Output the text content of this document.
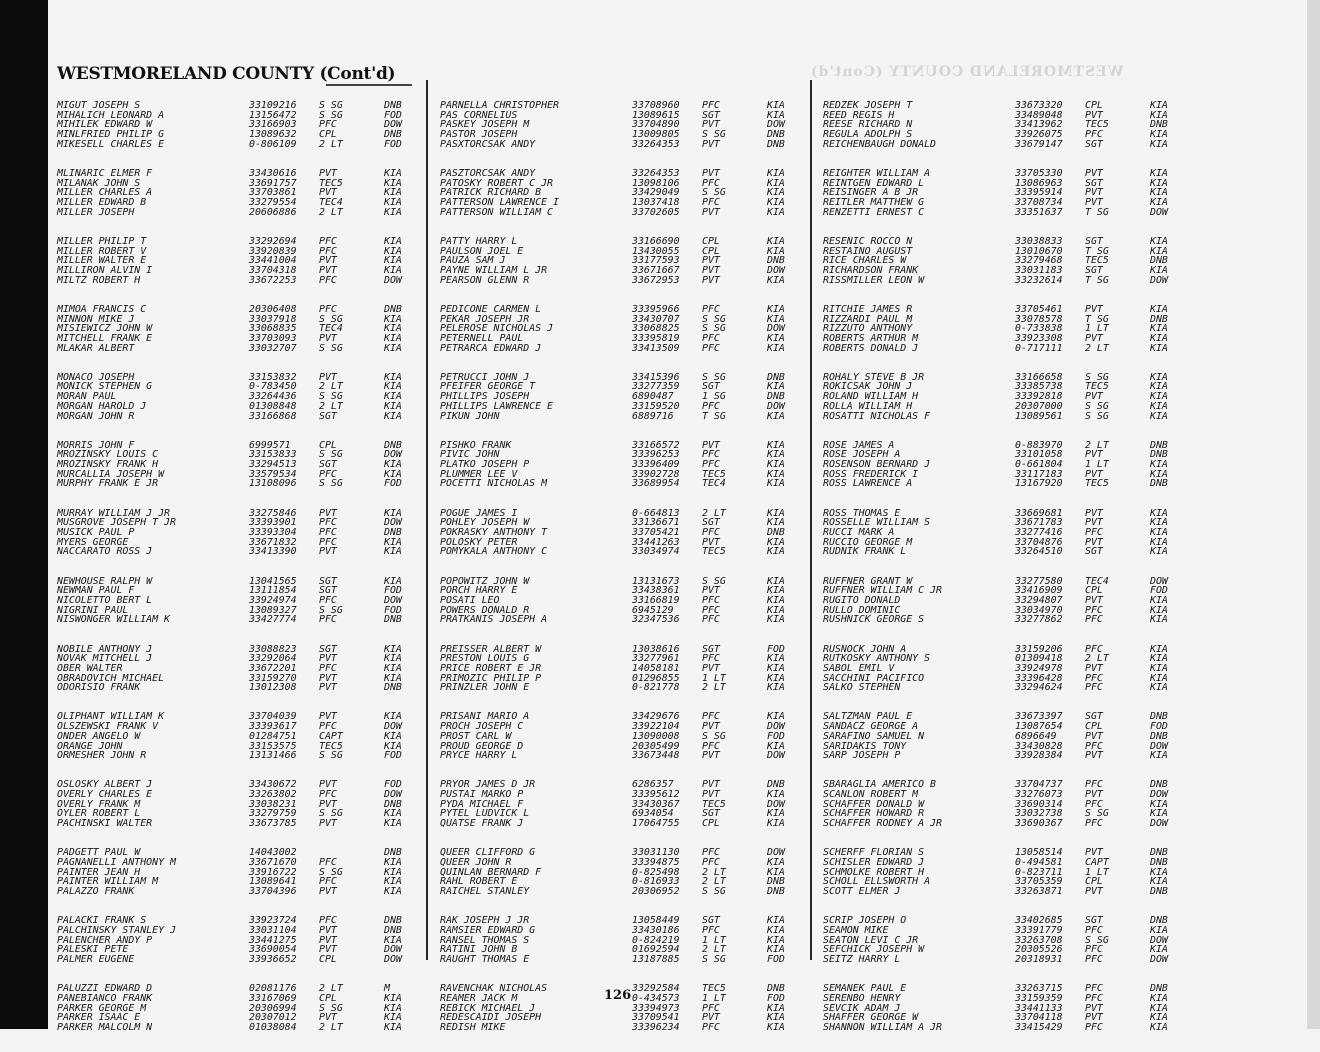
WESTMORELAND COUNTY (Cont'd)
WESTMORELAND COUNTY (Cont'd)
MIGUT JOSEPH S	33109216 S SG	DNB
MIHALICH LEONARD A	13156472 S SG	FOD
MIHILEK EDWARD W	33166903 PFC	DOW
MINLFRIED PHILIP G	13089632 CPL	DNB
MIKESELL CHARLES E	0-806109 2 LT	FOD
MLINARIC ELMER F	33430616 PVT	KIA
MILANAK JOHN S	33691757 TEC5	KIA
MILLER CHARLES A	33703861 PVT	KIA
MILLER EDWARD B	33279554 TEC4	KIA
MILLER JOSEPH	20606886 2 LT	KIA
MILLER PHILIP T	33292694 PFC	KIA
MILLER ROBERT V	33920839 PFC	KIA
MILLER WALTER E	33441004 PVT	KIA
MILLIRON ALVIN I	33704318 PVT	KIA
MILTZ ROBERT H	33672253 PFC	DOW
MIMOA FRANCIS C	20306408 PFC	DNB
MINNON MIKE J	33037918 S SG	KIA
MISIEWICZ JOHN W	33068835 TEC4	KIA
MITCHELL FRANK E	33703093 PVT	KIA
MLAKAR ALBERT	33032707 S SG	KIA
MONACO JOSEPH	33153832 PVT	KIA
MONICK STEPHEN G	0-783450 2 LT	KIA
MORAN PAUL	33264436 S SG	KIA
MORGAN HAROLD J	01308848 2 LT	KIA
MORGAN JOHN R	33166868 SGT	KIA
MORRIS JOHN F	6999571	CPL	DNB
MROZINSKY LOUIS C	33153833 S SG	DOW
MROZINSKY FRANK H	33294513 SGT	KIA
MURCALLIA JOSEPH W	33579534 PFC	KIA
MURPHY FRANK E JR	13108096 S SG	FOD
MURRAY WILLIAM J JR	33275846 PVT	KIA
MUSGROVE JOSEPH T JR	33393901 PFC	DOW
MUSICK PAUL P	33393304 PFC	DNB
MYERS GEORGE	33671832 PFC	KIA
NACCARATO ROSS J	33413390 PVT	KIA
NEWHOUSE RALPH W	13041565 SGT	KIA
NEWMAN PAUL F	13111854 SGT	FOD
NICOLETTO BERT L	33924974 PFC	DOW
NIGRINI PAUL	13089327 S SG	FOD
NISWONGER WILLIAM K	33427774 PFC	DNB
NOBILE ANTHONY J	33088823 SGT	KIA
NOVAK MITCHELL J	33292064 PVT	KIA
OBER WALTER	33672201 PFC	KIA
OBRADOVICH MICHAEL	33159270 PVT	KIA
ODORISIO FRANK	13012308 PVT	DNB
OLIPHANT WILLIAM K	33704039 PVT	KIA
OLSZEWSKI FRANK V	33393617 PFC	DOW
ONDER ANGELO W	01284751 CAPT	KIA
ORANGE JOHN	33153575 TEC5	KIA
ORMESHER JOHN R	13131466 S SG	FOD
OSLOSKY ALBERT J	33430672 PVT	FOD
OVERLY CHARLES E	33263802 PFC	DOW
OVERLY FRANK M	33038231 PVT	DNB
OYLER ROBERT L	33279759 S SG	KIA
PACHINSKI WALTER	33673785 PVT	KIA
PADGETT PAUL W	14043002	DNB
PAGNANELLI ANTHONY M	33671670 PFC	KIA
PAINTER JEAN H	33916722 S SG	KIA
PAINTER WILLIAM M	13089641 PFC	KIA
PALAZZO FRANK	33704396 PVT	KIA
PALACKI FRANK S	33923724 PFC	DNB
PALCHINSKY STANLEY J	33031104 PVT	DNB
PALENCHER ANDY P	33441275 PVT	KIA
PALESKI PETE	33690054 PVT	DOW
PALMER EUGENE	33936652 CPL	DOW
PALUZZI EDWARD D	02081176 2 LT	M
PANEBIANCO FRANK	33167069 CPL	KIA
PARKER GEORGE M	20306994 S SG	KIA
PARKER ISAAC E	20307012 PVT	KIA
PARKER MALCOLM N	01038084 2 LT	KIA
PARNELLA CHRISTOPHER	33708960 PFC	KIA
PAS CORNELIUS	13089615 SGT	KIA
PASKEY JOSEPH M	33704890 PVT	DOW
PASTOR JOSEPH	13009805 S SG	DNB
PASXTORCSAK ANDY	33264353 PVT	DNB
PASZTORCSAK ANDY	33264353 PVT	KIA
PATOSKY ROBERT C JR	13098106 PFC	KIA
PATRICK RICHARD B	33429049 S SG	KIA
PATTERSON LAWRENCE I	13037418 PFC	KIA
PATTERSON WILLIAM C	33702605 PVT	KIA
PATTY HARRY L	33166690 CPL	KIA
PAULSON JOEL E	13430055 CPL	KIA
PAUZA SAM J	33177593 PVT	DNB
PAYNE WILLIAM L JR	33671667 PVT	DOW
PEARSON GLENN R	33672953 PVT	KIA
PEDICONE CARMEN L	33395966 PFC	KIA
PEKAR JOSEPH JR	33430707 S SG	KIA
PELEROSE NICHOLAS J	33068825 S SG	DOW
PETERNELL PAUL	33395819 PFC	KIA
PETRARCA EDWARD J	33413509 PFC	KIA
PETRUCCI JOHN J	33415396 S SG	DNB
PFEIFER GEORGE T	33277359 SGT	KIA
PHILLIPS JOSEPH	6890487	1 SG	DNB
PHILLIPS LAWRENCE E	33159520 PFC	DOW
PIKUN JOHN	6889716	T SG	KIA
PISHKO FRANK	33166572 PVT	KIA
PIVIC JOHN	33396253 PFC	KIA
PLATKO JOSEPH P	33396409 PFC	KIA
PLUMMER LEE V	33902728 TEC5	KIA
POCETTI NICHOLAS M	33689954 TEC4	KIA
POGUE JAMES I	0-664813 2 LT	KIA
POHLEY JOSEPH W	33136671 SGT	KIA
POKRASKY ANTHONY T	33705421 PFC	DNB
POLOSKY PETER	33441263 PVT	KIA
POMYKALA ANTHONY C	33034974 TEC5	KIA
POPOWITZ JOHN W	13131673 S SG	KIA
PORCH HARRY E	33438361 PVT	KIA
POSATI LEO	33166819 PFC	KIA
POWERS DONALD R	6945129	PFC	KIA
PRATKANIS JOSEPH A	32347536 PFC	KIA
PREISSER ALBERT W	13038616 SGT	FOD
PRESTON LOUIS G	33277961 PFC	KIA
PRICE ROBERT E JR	14058181 PVT	KIA
PRIMOZIC PHILIP P	01296855 1 LT	KIA
PRINZLER JOHN E	0-821778 2 LT	KIA
PRISANI MARIO A	33429676 PFC	KIA
PROCH JOSEPH C	33922104 PVT	DOW
PROST CARL W	13090008 S SG	FOD
PROUD GEORGE D	20305499 PFC	KIA
PRYCE HARRY L	33673448 PVT	DOW
PRYOR JAMES D JR	6286357	PVT	DNB
PUSTAI MARKO P	33395612 PVT	KIA
PYDA MICHAEL F	33430367 TEC5	DOW
PYTEL LUDVICK L	6934054	SGT	KIA
QUATSE FRANK J	17064755 CPL	KIA
QUEER CLIFFORD G	33031130 PFC	DOW
QUEER JOHN R	33394875 PFC	KIA
QUINLAN BERNARD F	0-825498 2 LT	KIA
RAHL ROBERT E	0-816933 2 LT	DNB
RAICHEL STANLEY	20306952 S SG	DNB
RAK JOSEPH J JR	13058449 SGT	KIA
RAMSIER EDWARD G	33430186 PFC	KIA
RANSEL THOMAS S	0-824219 1 LT	KIA
RATINI JOHN B	01692594 2 LT	KIA
RAUGHT THOMAS E	13187885 S SG	FOD
RAVENCHAK NICHOLAS	33292584 TEC5	DNB
REAMER JACK M	0-434573 1 LT	FOD
REBICK MICHAEL J	33394973 PFC	KIA
REDESCAIDI JOSEPH	33709541 PVT	KIA
REDISH MIKE	33396234 PFC	KIA
REDZEK JOSEPH T	33673320 CPL	KIA
REED REGIS H	33489048 PVT	KIA
REESE RICHARD N	33413962 TEC5	DNB
REGULA ADOLPH S	33926075 PFC	KIA
REICHENBAUGH DONALD	33679147 SGT	KIA
REIGHTER WILLIAM A	33705330 PVT	KIA
REINTGEN EDWARD L	13086963 SGT	KIA
REISINGER A B JR	33395914 PVT	KIA
REITLER MATTHEW G	33708734 PVT	KIA
RENZETTI ERNEST C	33351637 T SG	DOW
RESENIC ROCCO N	33038833 SGT	KIA
RESTAINO AUGUST	13010670 T SG	KIA
RICE CHARLES W	33279468 TEC5	DNB
RICHARDSON FRANK	33031183 SGT	KIA
RISSMILLER LEON W	33232614 T SG	DOW
RITCHIE JAMES R	33705461 PVT	KIA
RIZZARDI PAUL M	33078578 T SG	DNB
RIZZUTO ANTHONY	0-733838 1 LT	KIA
ROBERTS ARTHUR M	33923308 PVT	KIA
ROBERTS DONALD J	0-717111 2 LT	KIA
ROHALY STEVE B JR	33166658 S SG	KIA
ROKICSAK JOHN J	33385738 TEC5	KIA
ROLAND WILLIAM H	33392818 PVT	KIA
ROLLA WILLIAM H	20307000 S SG	KIA
ROSATTI NICHOLAS F	13089561 S SG	KIA
ROSE JAMES A	0-883970 2 LT	DNB
ROSE JOSEPH A	33101058 PVT	DNB
ROSENSON BERNARD J	0-661804 1 LT	KIA
ROSS FREDERICK I	33117183 PVT	KIA
ROSS LAWRENCE A	13167920 TEC5	DNB
ROSS THOMAS E	33669681 PVT	KIA
ROSSELLE WILLIAM S	33671783 PVT	KIA
RUCCI MARK A	33277416 PFC	KIA
RUCCIO GEORGE M	33704876 PVT	KIA
RUDNIK FRANK L	33264510 SGT	KIA
RUFFNER GRANT W	33277580 TEC4	DOW
RUFFNER WILLIAM C JR	33416909 CPL	FOD
RUGITO DONALD	33294807 PVT	KIA
RULLO DOMINIC	33034970 PFC	KIA
RUSHNICK GEORGE S	33277862 PFC	KIA
RUSNOCK JOHN A	33159206 PFC	KIA
RUTKOSKY ANTHONY S	01309418 2 LT	KIA
SABOL EMIL V	33924978 PVT	KIA
SACCHINI PACIFICO	33396428 PFC	KIA
SALKO STEPHEN	33294624 PFC	KIA
SALTZMAN PAUL E	33673397 SGT	DNB
SANDACZ GEORGE A	13087654 CPL	FOD
SARAFINO SAMUEL N	6896649	PVT	DNB
SARIDAKIS TONY	33430828 PFC	DOW
SARP JOSEPH P	33928384 PVT	KIA
SBARAGLIA AMERICO B	33704737 PFC	DNB
SCANLON ROBERT M	33276073 PVT	DOW
SCHAFFER DONALD W	33690314 PFC	KIA
SCHAFFER HOWARD R	33032738 S SG	KIA
SCHAFFER RODNEY A JR	33690367 PFC	DOW
SCHERFF FLORIAN S	13058514 PVT	DNB
SCHISLER EDWARD J	0-494581 CAPT	DNB
SCHMOLKE ROBERT H	0-823711 1 LT	KIA
SCHOLL ELLSWORTH A	33705359 CPL	KIA
SCOTT ELMER J	33263871 PVT	DNB
SCRIP JOSEPH O	33402685 SGT	DNB
SEAMON MIKE	33391779 PFC	KIA
SEATON LEVI C JR	33263708 S SG	DOW
SEFCHICK JOSEPH W	20305526 PFC	KIA
SEITZ HARRY L	20318931 PFC	DOW
SEMANEK PAUL E	33263715 PFC	DNB
SERENBO HENRY	33159359 PFC	KIA
SEVCIK ADAM J	33441133 PVT	KIA
SHAFFER GEORGE W	33704118 PVT	KIA
SHANNON WILLIAM A JR	33415429 PFC	KIA
126
